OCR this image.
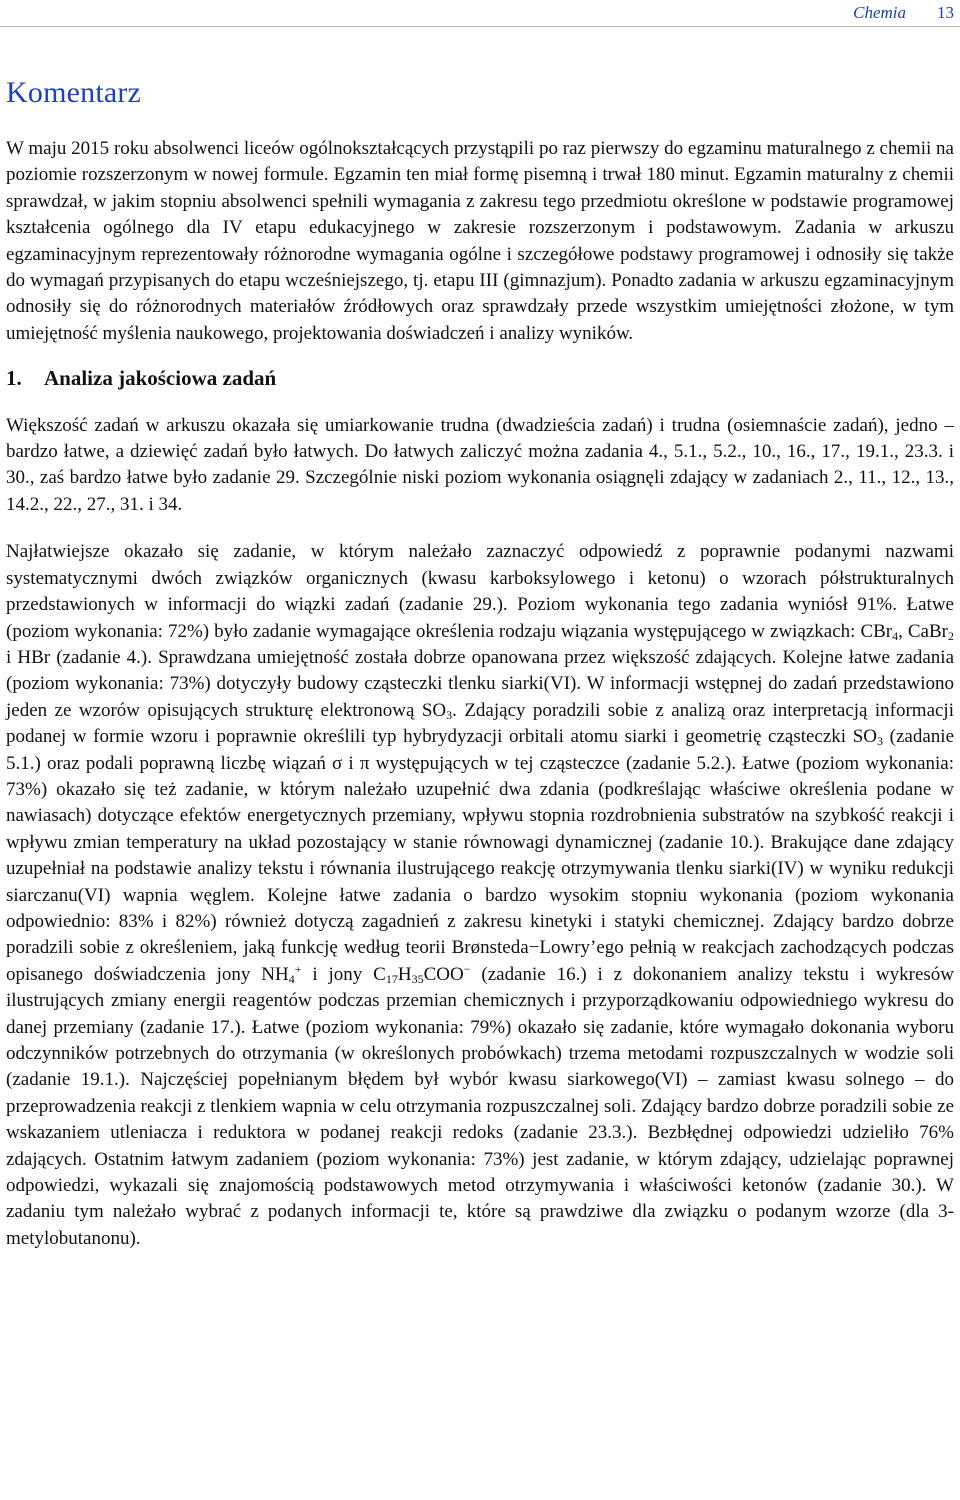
Chemia 13
Komentarz

W maju 2015 roku absolwenci liceów ogólnokształcących przystąpili po raz pierwszy do egzaminu maturalnego z chemii na poziomie rozszerzonym w nowej formule. Egzamin ten miał formę pisemną i trwał 180 minut. Egzamin maturalny z chemii sprawdzał, w jakim stopniu absolwenci spełnili wymagania z zakresu tego przedmiotu określone w podstawie programowej kształcenia ogólnego dla IV etapu edukacyjnego w zakresie rozszerzonym i podstawowym. Zadania w arkuszu egzaminacyjnym reprezentowały różnorodne wymagania ogólne i szczegółowe podstawy programowej i odnosiły się także do wymagań przypisanych do etapu wcześniejszego, tj. etapu III (gimnazjum). Ponadto zadania w arkuszu egzaminacyjnym odnosiły się do różnorodnych materiałów źródłowych oraz sprawdzały przede wszystkim umiejętności złożone, w tym umiejętność myślenia naukowego, projektowania doświadczeń i analizy wyników.

1. Analiza jakościowa zadań

Większość zadań w arkuszu okazała się umiarkowanie trudna (dwadzieścia zadań) i trudna (osiemnaście zadań), jedno – bardzo łatwe, a dziewięć zadań było łatwych. Do łatwych zaliczyć można zadania 4., 5.1., 5.2., 10., 16., 17., 19.1., 23.3. i 30., zaś bardzo łatwe było zadanie 29. Szczególnie niski poziom wykonania osiągnęli zdający w zadaniach 2., 11., 12., 13., 14.2., 22., 27., 31. i 34.

Najłatwiejsze okazało się zadanie, w którym należało zaznaczyć odpowiedź z poprawnie podanymi nazwami systematycznymi dwóch związków organicznych (kwasu karboksylowego i ketonu) o wzorach półstrukturalnych przedstawionych w informacji do wiązki zadań (zadanie 29.). Poziom wykonania tego zadania wyniósł 91%. Łatwe (poziom wykonania: 72%) było zadanie wymagające określenia rodzaju wiązania występującego w związkach: CBr$_4$, CaBr$_2$ i HBr (zadanie 4.). Sprawdzana umiejętność została dobrze opanowana przez większość zdających. Kolejne łatwe zadania (poziom wykonania: 73%) dotyczyły budowy cząsteczki tlenku siarki(VI). W informacji wstępnej do zadań przedstawiono jeden ze wzorów opisujących strukturę elektronową $SO_3$. Zdający poradzili sobie z analizą oraz interpretacją informacji podanej w formie wzoru i poprawnie określili typ hybrydyzacji orbitali atomu siarki i geometrię cząsteczki $SO_3$ (zadanie 5.1.) oraz podali poprawną liczbę wiązań σ i π występujących w tej cząsteczce (zadanie 5.2.). Łatwe (poziom wykonania: 73%) okazało się też zadanie, w którym należało uzupełnić dwa zdania (podkreślając właściwe określenia podane w nawiasach) dotyczące efektów energetycznych przemiany, wpływu stopnia rozdrobnienia substratów na szybkość reakcji i wpływu zmian temperatury na układ pozostający w stanie równowagi dynamicznej (zadanie 10.). Brakujące dane zdający uzupełniał na podstawie analizy tekstu i równania ilustrującego reakcję otrzymywania tlenku siarki(IV) w wyniku redukcji siarczanu(VI) wapnia węglem. Kolejne łatwe zadania o bardzo wysokim stopniu wykonania (poziom wykonania odpowiednio: 83% i 82%) również dotyczą zagadnień z zakresu kinetyki i statyki chemicznej. Zdający bardzo dobrze poradzili sobie z określeniem, jaką funkcję według teorii Brønsteda−Lowry’ego pełnią w reakcjach zachodzących podczas opisanego doświadczenia jony $NH_4^+$ i jony $C_{17}H_{35}COO^-$ (zadanie 16.) i z dokonaniem analizy tekstu i wykresów ilustrujących zmiany energii reagentów podczas przemian chemicznych i przyporządkowaniu odpowiedniego wykresu do danej przemiany (zadanie 17.). Łatwe (poziom wykonania: 79%) okazało się zadanie, które wymagało dokonania wyboru odczynników potrzebnych do otrzymania (w określonych probówkach) trzema metodami rozpuszczalnych w wodzie soli (zadanie 19.1.). Najczęściej popełnianym błędem był wybór kwasu siarkowego(VI) – zamiast kwasu solnego – do przeprowadzenia reakcji z tlenkiem wapnia w celu otrzymania rozpuszczalnej soli. Zdający bardzo dobrze poradzili sobie ze wskazaniem utleniacza i reduktora w podanej reakcji redoks (zadanie 23.3.). Bezbłędnej odpowiedzi udzieliło 76% zdających. Ostatnim łatwym zadaniem (poziom wykonania: 73%) jest zadanie, w którym zdający, udzielając poprawnej odpowiedzi, wykazali się znajomością podstawowych metod otrzymywania i właściwości ketonów (zadanie 30.). W zadaniu tym należało wybrać z podanych informacji te, które są prawdziwe dla związku o podanym wzorze (dla 3-metylobutanonu).
